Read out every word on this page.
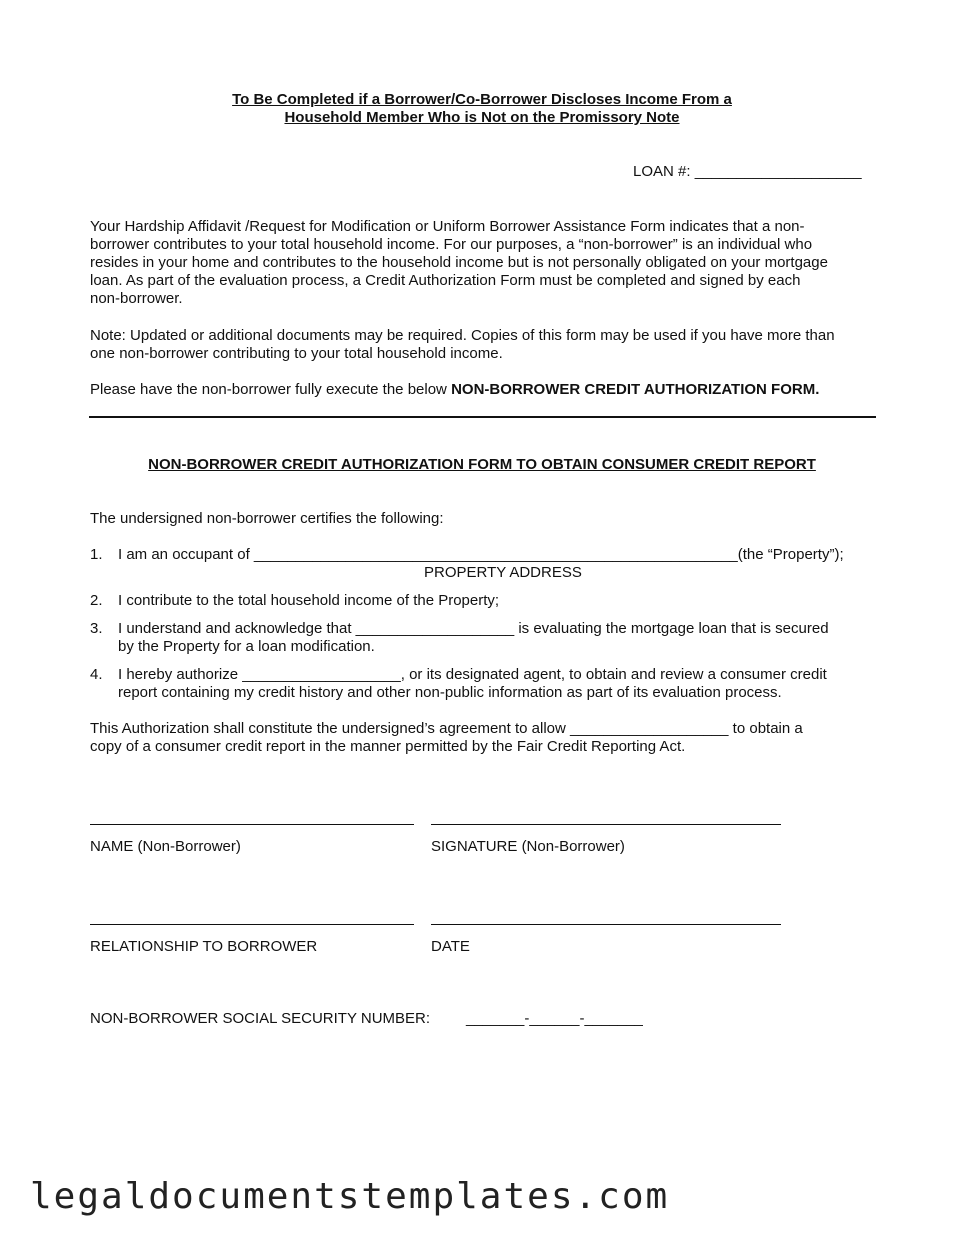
To Be Completed if a Borrower/Co-Borrower Discloses Income From a
Household Member Who is Not on the Promissory Note
LOAN #: ____________________
Your Hardship Affidavit /Request for Modification or Uniform Borrower Assistance Form indicates that a non-
borrower contributes to your total household income. For our purposes, a “non-borrower” is an individual who
resides in your home and contributes to the household income but is not personally obligated on your mortgage
loan. As part of the evaluation process, a Credit Authorization Form must be completed and signed by each
non-borrower.
Note: Updated or additional documents may be required. Copies of this form may be used if you have more than
one non-borrower contributing to your total household income.
Please have the non-borrower fully execute the below NON-BORROWER CREDIT AUTHORIZATION FORM.
NON-BORROWER CREDIT AUTHORIZATION FORM TO OBTAIN CONSUMER CREDIT REPORT
The undersigned non-borrower certifies the following:
1. I am an occupant of __________________________________________________________(the “Property”);
PROPERTY ADDRESS
2. I contribute to the total household income of the Property;
3. I understand and acknowledge that ___________________ is evaluating the mortgage loan that is secured
by the Property for a loan modification.
4. I hereby authorize ___________________, or its designated agent, to obtain and review a consumer credit
report containing my credit history and other non-public information as part of its evaluation process.
This Authorization shall constitute the undersigned’s agreement to allow ___________________ to obtain a
copy of a consumer credit report in the manner permitted by the Fair Credit Reporting Act.
NAME (Non-Borrower)	SIGNATURE (Non-Borrower)
RELATIONSHIP TO BORROWER	DATE
NON-BORROWER SOCIAL SECURITY NUMBER: _______-______-_______
legaldocumentstemplates.com
